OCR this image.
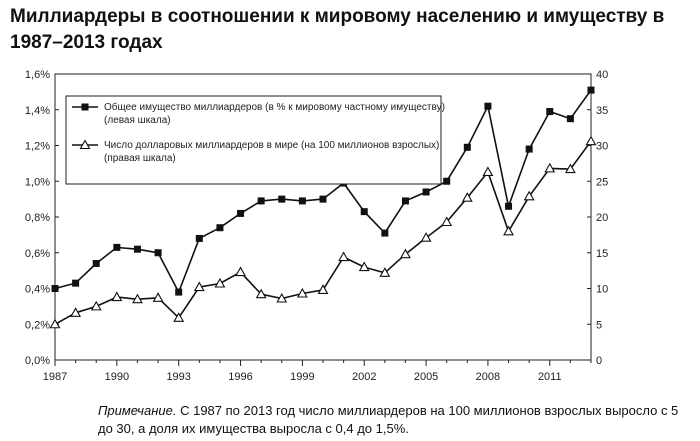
Миллиардеры в соотношении к мировому населению и имуществу в 1987–2013 годах
0,0%
0,2%
0,4%
0,6%
0,8%
1,0%
1,2%
1,4%
1,6%
0
5
10
15
20
25
30
35
40
1987	1990	1993	1996	1999	2002	2005	2008	2011
Общее имущество миллиардеров (в % к мировому частному имуществу)
(левая шкала)
Число долларовых миллиардеров в мире (на 100 миллионов взрослых)
(правая шкала)
Примечание. С 1987 по 2013 год число миллиардеров на 100 миллионов взрослых выросло с 5 до 30, а доля их имущества выросла с 0,4 до 1,5%.
